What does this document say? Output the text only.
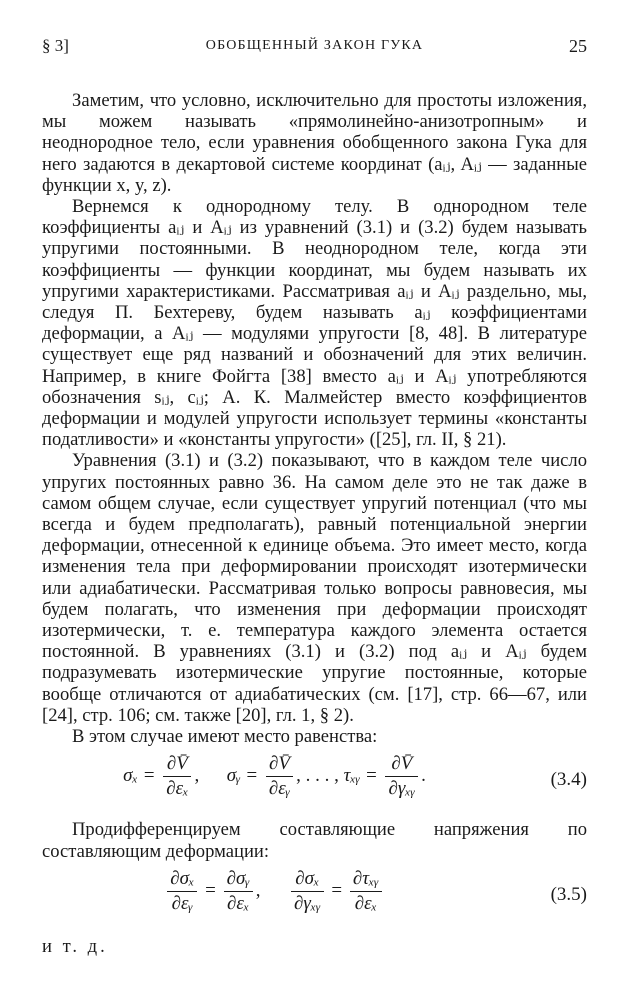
§ 3]	ОБОБЩЕННЫЙ ЗАКОН ГУКА	25

Заметим, что условно, исключительно для простоты изложения, мы можем называть «прямолинейно-анизотропным» и неоднородное тело, если уравнения обобщенного закона Гука для него задаются в декартовой системе координат (aᵢⱼ, Aᵢⱼ — заданные функции x, y, z).

Вернемся к однородному телу. В однородном теле коэффициенты aᵢⱼ и Aᵢⱼ из уравнений (3.1) и (3.2) будем называть упругими постоянными. В неоднородном теле, когда эти коэффициенты — функции координат, мы будем называть их упругими характеристиками. Рассматривая aᵢⱼ и Aᵢⱼ раздельно, мы, следуя П. Бехтереву, будем называть aᵢⱼ коэффициентами деформации, а Aᵢⱼ — модулями упругости [8, 48]. В литературе существует еще ряд названий и обозначений для этих величин. Например, в книге Фойгта [38] вместо aᵢⱼ и Aᵢⱼ употребляются обозначения sᵢⱼ, cᵢⱼ; А. К. Малмейстер вместо коэффициентов деформации и модулей упругости использует термины «константы податливости» и «константы упругости» ([25], гл. II, § 21).

Уравнения (3.1) и (3.2) показывают, что в каждом теле число упругих постоянных равно 36. На самом деле это не так даже в самом общем случае, если существует упругий потенциал (что мы всегда и будем предполагать), равный потенциальной энергии деформации, отнесенной к единице объема. Это имеет место, когда изменения тела при деформировании происходят изотермически или адиабатически. Рассматривая только вопросы равновесия, мы будем полагать, что изменения при деформации происходят изотермически, т. е. температура каждого элемента остается постоянной. В уравнениях (3.1) и (3.2) под aᵢⱼ и Aᵢⱼ будем подразумевать изотермические упругие постоянные, которые вообще отличаются от адиабатических (см. [17], стр. 66—67, или [24], стр. 106; см. также [20], гл. 1, § 2).

В этом случае имеют место равенства:

$\sigma_x = \frac{\partial V̄}{\text{∂εₓ}}$ , σᵧ = $\frac{\partial V̄}{\text{∂εᵧ}}$ , . . . , τₓᵧ = $\frac{\partial V̄}{\text{∂γₓᵧ}}$ .	(3.4)

Продифференцируем составляющие напряжения по составляющим деформации:

$\frac{\text{∂σₓ}}{\text{∂εᵧ}} = \frac{\text{∂σᵧ}}{\text{∂εₓ}}$ , $\frac{\text{∂σₓ}}{\text{∂γₓᵧ}} = \frac{\text{∂τₓᵧ}}{\text{∂εₓ}}$	(3.5)
и т. д.
